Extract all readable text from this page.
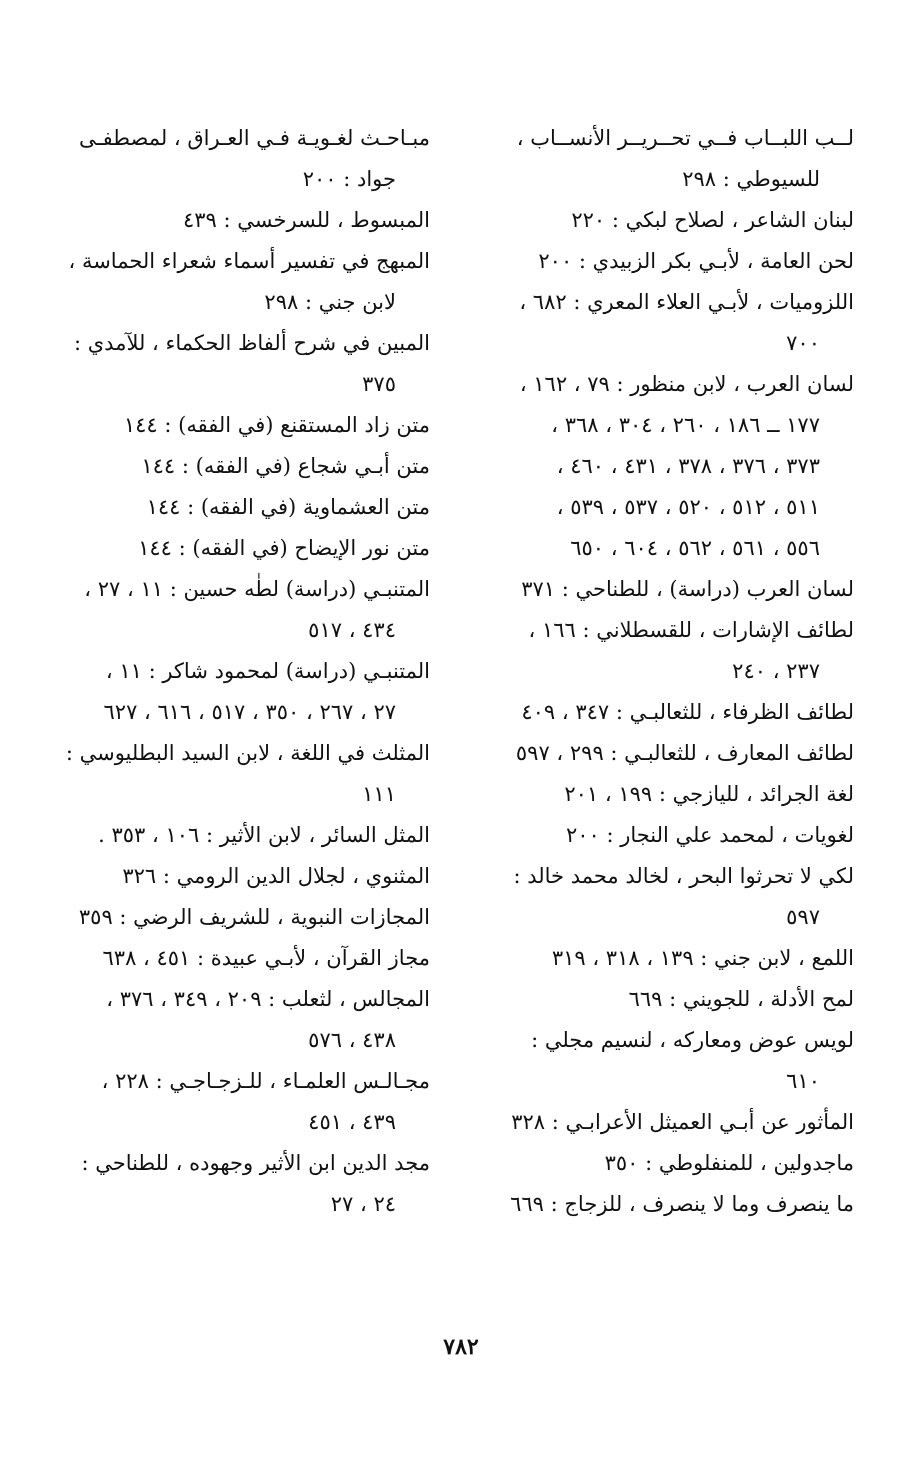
لــب اللبــاب فــي تحــريــر الأنســاب ،
للسيوطي : ٢٩٨
لبنان الشاعر ، لصلاح لبكي : ٢٢٠
لحن العامة ، لأبـي بكر الزبيدي : ٢٠٠
اللزوميات ، لأبـي العلاء المعري : ٦٨٢ ،
٧٠٠
لسان العرب ، لابن منظور : ٧٩ ، ١٦٢ ،
١٧٧ ــ ١٨٦ ، ٢٦٠ ، ٣٠٤ ، ٣٦٨ ،
٣٧٣ ، ٣٧٦ ، ٣٧٨ ، ٤٣١ ، ٤٦٠ ،
٥١١ ، ٥١٢ ، ٥٢٠ ، ٥٣٧ ، ٥٣٩ ،
٥٥٦ ، ٥٦١ ، ٥٦٢ ، ٦٠٤ ، ٦٥٠
لسان العرب (دراسة) ، للطناحي : ٣٧١
لطائف الإشارات ، للقسطلاني : ١٦٦ ،
٢٣٧ ، ٢٤٠
لطائف الظرفاء ، للثعالبـي : ٣٤٧ ، ٤٠٩
لطائف المعارف ، للثعالبـي : ٢٩٩ ، ٥٩٧
لغة الجرائد ، لليازجي : ١٩٩ ، ٢٠١
لغويات ، لمحمد علي النجار : ٢٠٠
لكي لا تحرثوا البحر ، لخالد محمد خالد :
٥٩٧
اللمع ، لابن جني : ١٣٩ ، ٣١٨ ، ٣١٩
لمح الأدلة ، للجويني : ٦٦٩
لويس عوض ومعاركه ، لنسيم مجلي :
٦١٠
المأثور عن أبـي العميثل الأعرابـي : ٣٢٨
ماجدولين ، للمنفلوطي : ٣٥٠
ما ينصرف وما لا ينصرف ، للزجاج : ٦٦٩
مبـاحـث لغـويـة فـي العـراق ، لمصطفـى
جواد : ٢٠٠
المبسوط ، للسرخسي : ٤٣٩
المبهج في تفسير أسماء شعراء الحماسة ،
لابن جني : ٢٩٨
المبين في شرح ألفاظ الحكماء ، للآمدي :
٣٧٥
متن زاد المستقنع (في الفقه) : ١٤٤
متن أبـي شجاع (في الفقه) : ١٤٤
متن العشماوية (في الفقه) : ١٤٤
متن نور الإيضاح (في الفقه) : ١٤٤
المتنبـي (دراسة) لطٰه حسين : ١١ ، ٢٧ ،
٤٣٤ ، ٥١٧
المتنبـي (دراسة) لمحمود شاكر : ١١ ،
٢٧ ، ٢٦٧ ، ٣٥٠ ، ٥١٧ ، ٦١٦ ، ٦٢٧
المثلث في اللغة ، لابن السيد البطليوسي :
١١١
المثل السائر ، لابن الأثير : ١٠٦ ، ٣٥٣ .
المثنوي ، لجلال الدين الرومي : ٣٢٦
المجازات النبوية ، للشريف الرضي : ٣٥٩
مجاز القرآن ، لأبـي عبيدة : ٤٥١ ، ٦٣٨
المجالس ، لثعلب : ٢٠٩ ، ٣٤٩ ، ٣٧٦ ،
٤٣٨ ، ٥٧٦
مجـالـس العلمـاء ، للـزجـاجـي : ٢٢٨ ،
٤٣٩ ، ٤٥١
مجد الدين ابن الأثير وجهوده ، للطناحي :
٢٤ ، ٢٧
٧٨٢
